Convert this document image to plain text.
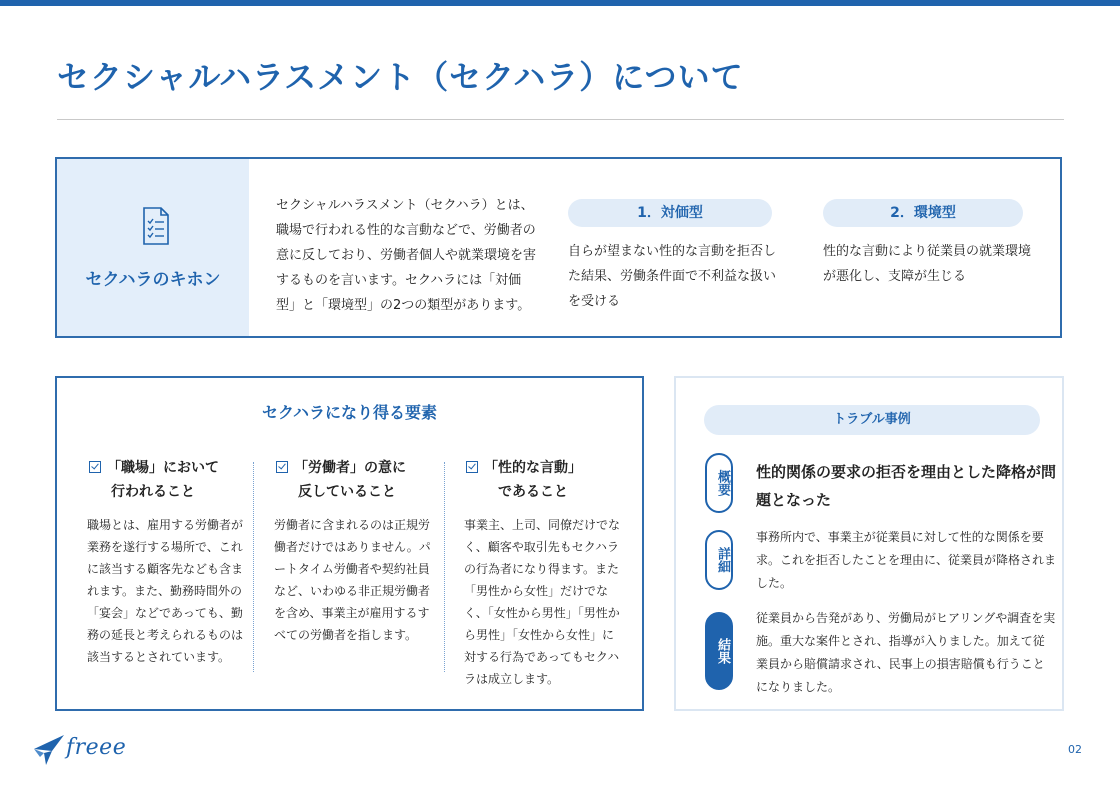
セクシャルハラスメント（セクハラ）について
セクハラのキホン
セクシャルハラスメント（セクハラ）とは、職場で行われる性的な言動などで、労働者の意に反しており、労働者個人や就業環境を害するものを言います。セクハラには「対価型」と「環境型」の2つの類型があります。
1．対価型
自らが望まない性的な言動を拒否した結果、労働条件面で不利益な扱いを受ける
2．環境型
性的な言動により従業員の就業環境が悪化し、支障が生じる
セクハラになり得る要素
「職場」において
行われること
職場とは、雇用する労働者が業務を遂行する場所で、これに該当する顧客先なども含まれます。また、勤務時間外の「宴会」などであっても、勤務の延長と考えられるものは該当するとされています。
「労働者」の意に
反していること
労働者に含まれるのは正規労働者だけではありません。パートタイム労働者や契約社員など、いわゆる非正規労働者を含め、事業主が雇用するすべての労働者を指します。
「性的な言動」
であること
事業主、上司、同僚だけでなく、顧客や取引先もセクハラの行為者になり得ます。また「男性から女性」だけでなく、「女性から男性」「男性から男性」「女性から女性」に対する行為であってもセクハラは成立します。
トラブル事例
概要 性的関係の要求の拒否を理由とした降格が問題となった
詳細
事務所内で、事業主が従業員に対して性的な関係を要求。これを拒否したことを理由に、従業員が降格されました。
結果
従業員から告発があり、労働局がヒアリングや調査を実施。重大な案件とされ、指導が入りました。加えて従業員から賠償請求され、民事上の損害賠償も行うことになりました。
freee	02
